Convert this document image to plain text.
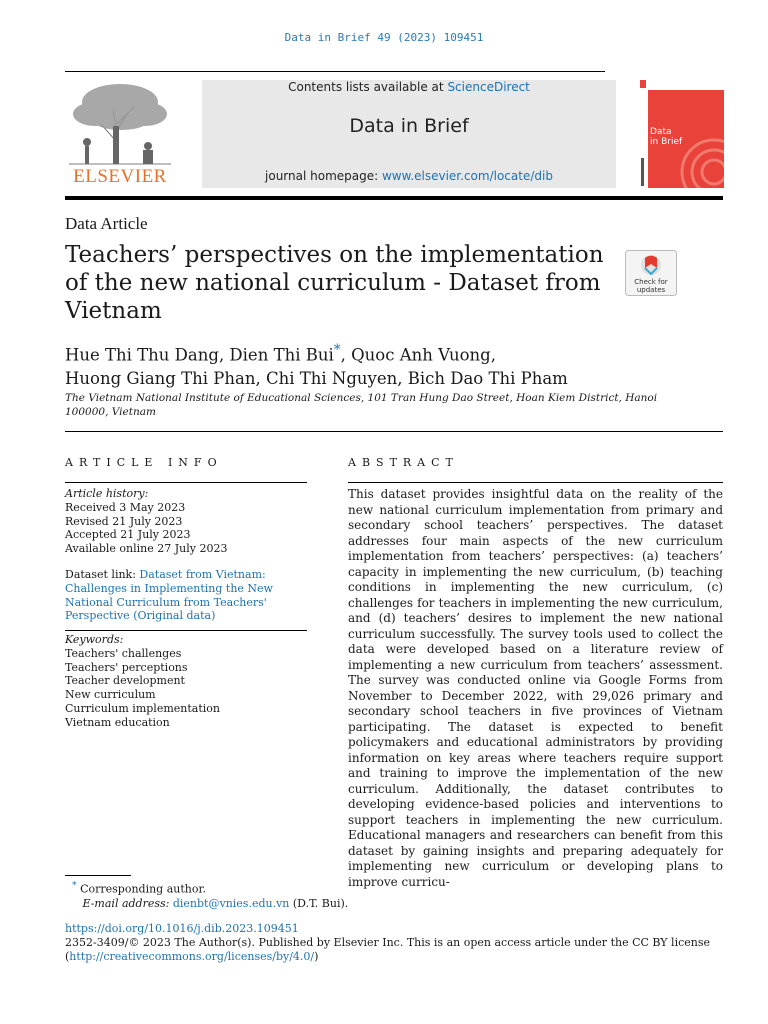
Data in Brief 49 (2023) 109451
ELSEVIER
Contents lists available at ScienceDirect
Data in Brief
journal homepage: www.elsevier.com/locate/dib
Data
in Brief
Data Article
Teachers’ perspectives on the implementation of the new national curriculum - Dataset from Vietnam
Check for
updates
Hue Thi Thu Dang, Dien Thi Bui*, Quoc Anh Vuong,
Huong Giang Thi Phan, Chi Thi Nguyen, Bich Dao Thi Pham
The Vietnam National Institute of Educational Sciences, 101 Tran Hung Dao Street, Hoan Kiem District, Hanoi 100000, Vietnam
ARTICLE INFO	ABSTRACT
Article history:
Received 3 May 2023
Revised 21 July 2023
Accepted 21 July 2023
Available online 27 July 2023
Dataset link: Dataset from Vietnam: Challenges in Implementing the New National Curriculum from Teachers' Perspective (Original data)
Keywords:
Teachers' challenges
Teachers' perceptions
Teacher development
New curriculum
Curriculum implementation
Vietnam education
This dataset provides insightful data on the reality of the new national curriculum implementation from primary and secondary school teachers’ perspectives. The dataset addresses four main aspects of the new curriculum implementation from teachers’ perspectives: (a) teachers’ capacity in implementing the new curriculum, (b) teaching conditions in implementing the new curriculum, (c) challenges for teachers in implementing the new curriculum, and (d) teachers’ desires to implement the new national curriculum successfully. The survey tools used to collect the data were developed based on a literature review of implementing a new curriculum from teachers’ assessment. The survey was conducted online via Google Forms from November to December 2022, with 29,026 primary and secondary school teachers in five provinces of Vietnam participating. The dataset is expected to benefit policymakers and educational administrators by providing information on key areas where teachers require support and training to improve the implementation of the new curriculum. Additionally, the dataset contributes to developing evidence-based policies and interventions to support teachers in implementing the new curriculum. Educational managers and researchers can benefit from this dataset by gaining insights and preparing adequately for implementing new curriculum or developing plans to improve curricu-
* Corresponding author.
E-mail address: dienbt@vnies.edu.vn (D.T. Bui).
https://doi.org/10.1016/j.dib.2023.109451
2352-3409/© 2023 The Author(s). Published by Elsevier Inc. This is an open access article under the CC BY license
(http://creativecommons.org/licenses/by/4.0/)
